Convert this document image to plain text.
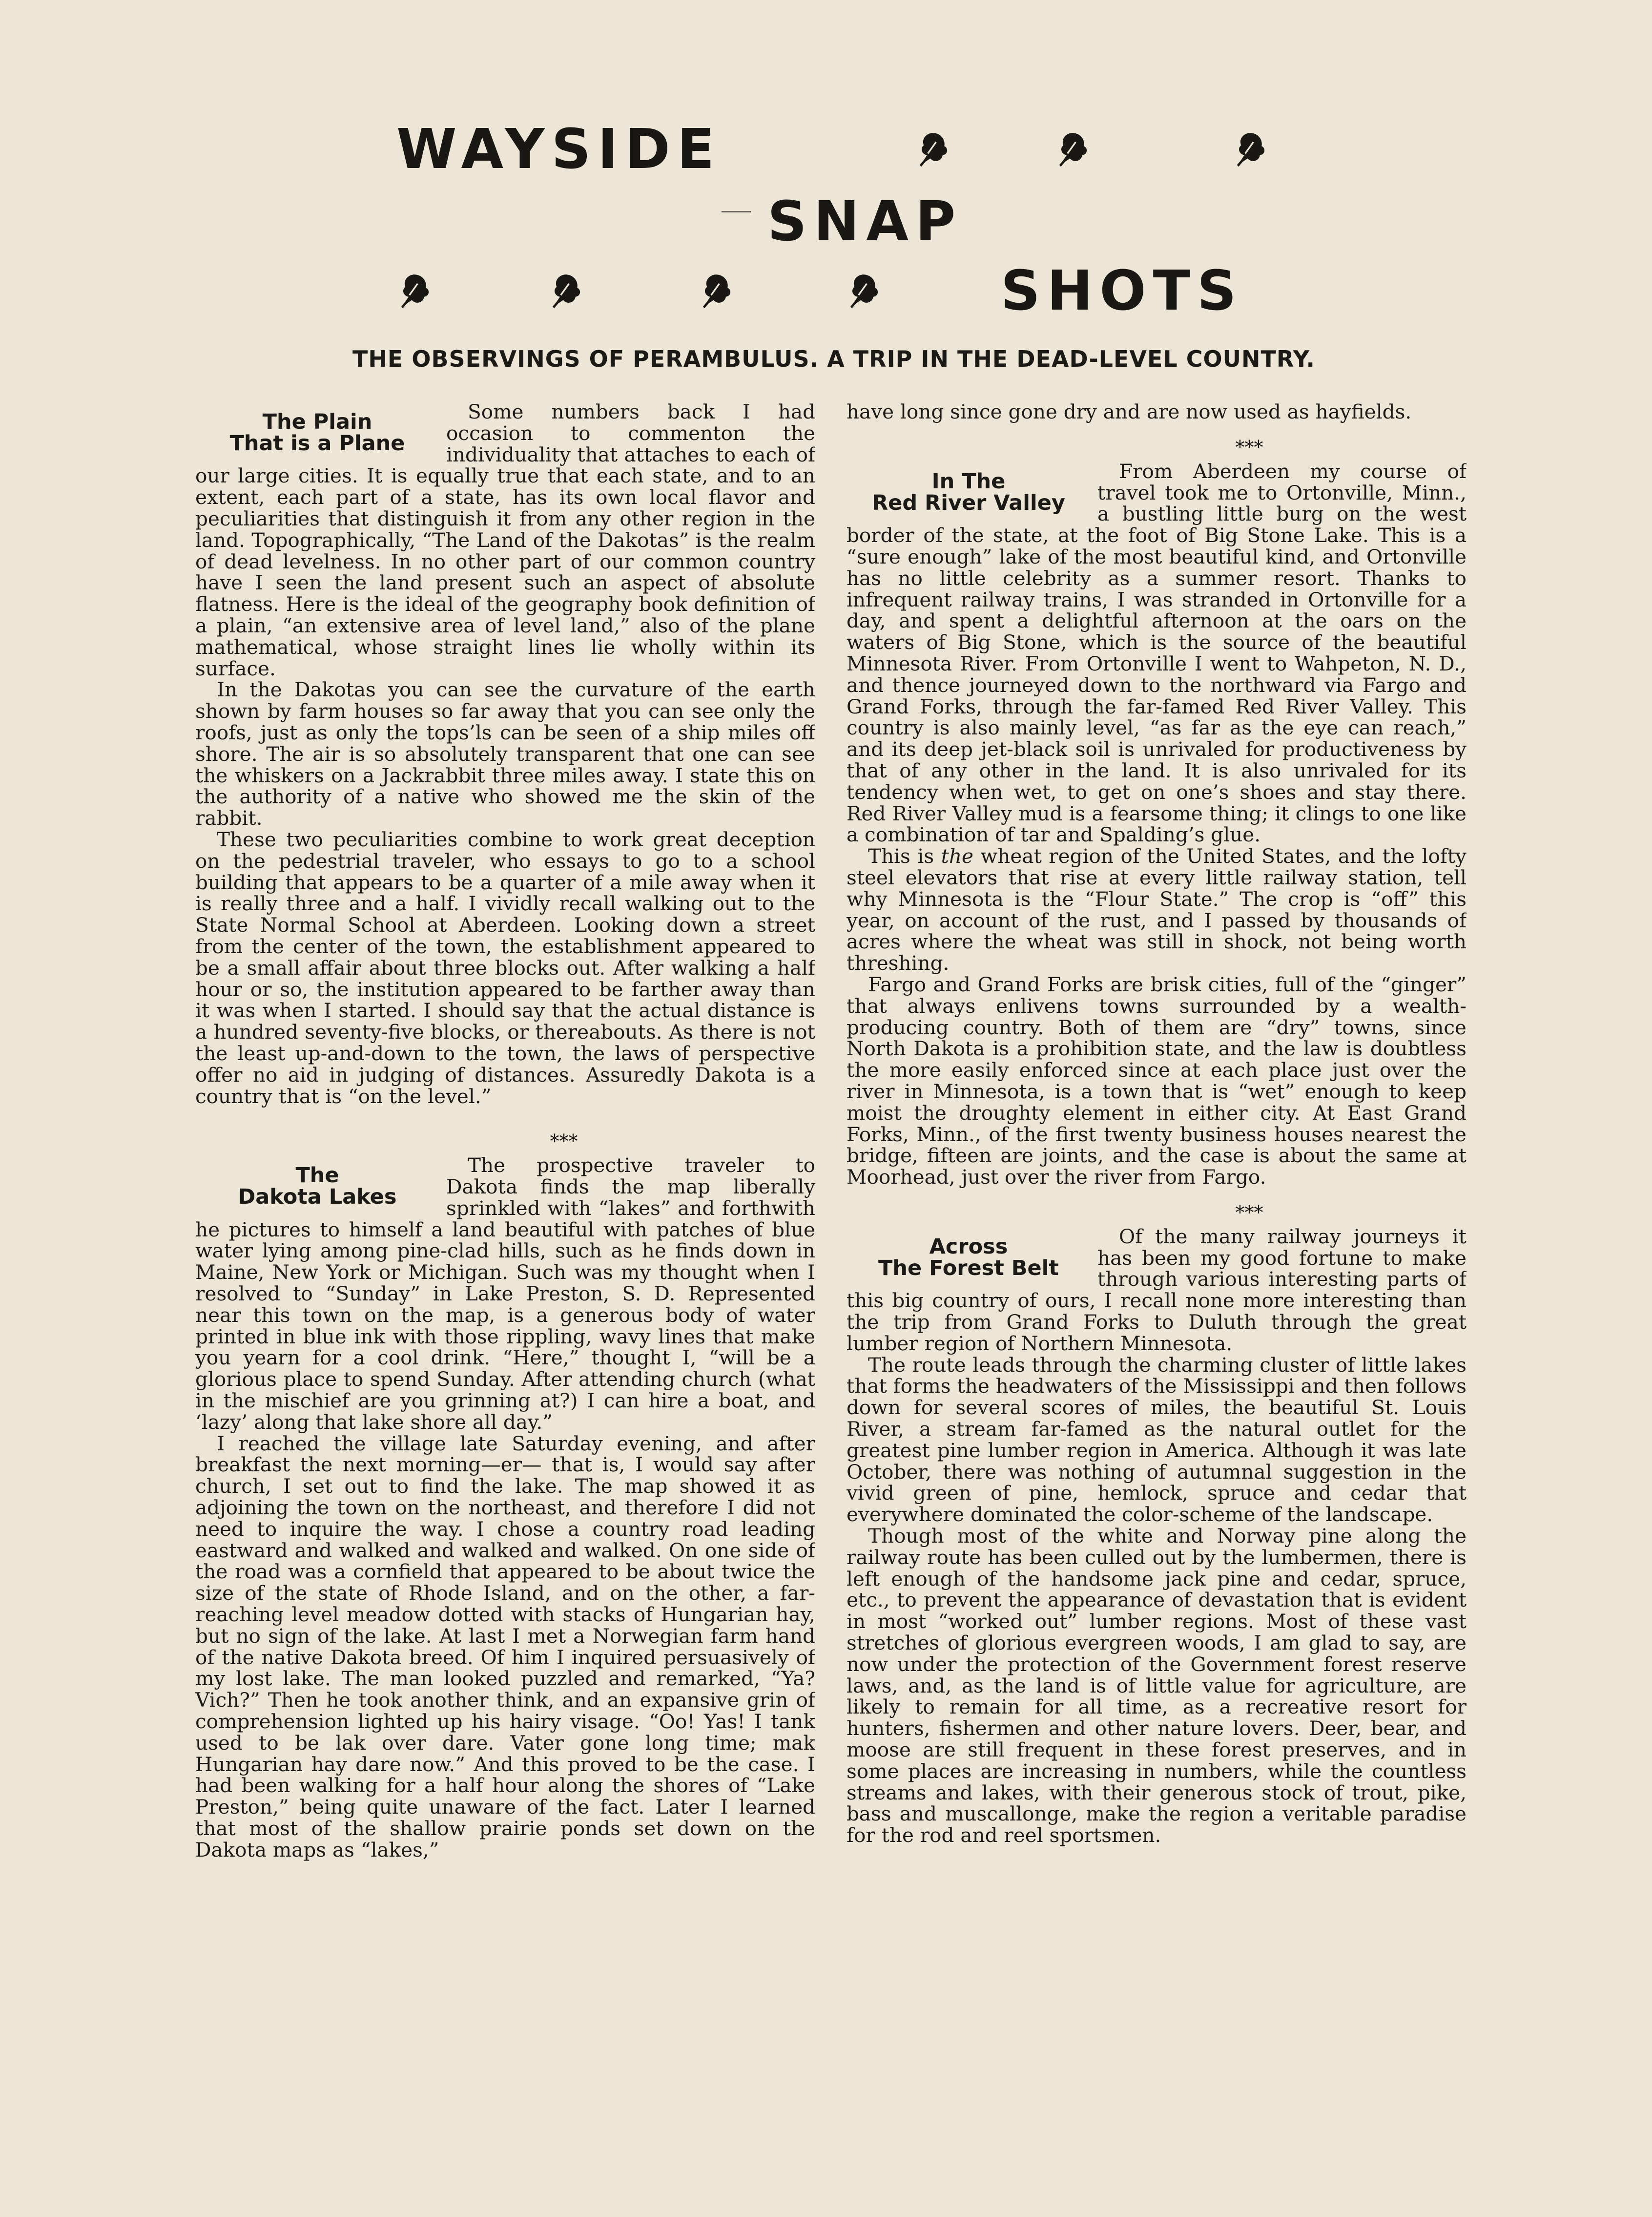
WAYSIDE
SNAP
SHOTS
THE OBSERVINGS OF PERAMBULUS. A TRIP IN THE DEAD-LEVEL COUNTRY.
The Plain
That is a Plane

Some numbers back I had occasion to commenton the individuality that attaches to each of our large cities. It is equally true that each state, and to an extent, each part of a state, has its own local flavor and peculiarities that distinguish it from any other region in the land. Topographically, “The Land of the Dakotas” is the realm of dead levelness. In no other part of our common country have I seen the land present such an aspect of absolute flatness. Here is the ideal of the geography book definition of a plain, “an extensive area of level land,” also of the plane mathematical, whose straight lines lie wholly within its surface.

In the Dakotas you can see the curvature of the earth shown by farm houses so far away that you can see only the roofs, just as only the tops’ls can be seen of a ship miles off shore. The air is so absolutely transparent that one can see the whiskers on a Jackrabbit three miles away. I state this on the authority of a native who showed me the skin of the rabbit.

These two peculiarities combine to work great deception on the pedestrial traveler, who essays to go to a school building that appears to be a quarter of a mile away when it is really three and a half. I vividly recall walking out to the State Normal School at Aberdeen. Looking down a street from the center of the town, the establishment appeared to be a small affair about three blocks out. After walking a half hour or so, the institution appeared to be farther away than it was when I started. I should say that the actual distance is a hundred seventy-five blocks, or thereabouts. As there is not the least up-and-down to the town, the laws of perspective offer no aid in judging of distances. Assuredly Dakota is a country that is “on the level.”

***
The
Dakota Lakes

The prospective traveler to Dakota finds the map liberally sprinkled with “lakes” and forthwith he pictures to himself a land beautiful with patches of blue water lying among pine-clad hills, such as he finds down in Maine, New York or Michigan. Such was my thought when I resolved to “Sunday” in Lake Preston, S. D. Represented near this town on the map, is a generous body of water printed in blue ink with those rippling, wavy lines that make you yearn for a cool drink. “Here,” thought I, “will be a glorious place to spend Sunday. After attending church (what in the mischief are you grinning at?) I can hire a boat, and ‘lazy’ along that lake shore all day.”

I reached the village late Saturday evening, and after breakfast the next morning—er— that is, I would say after church, I set out to find the lake. The map showed it as adjoining the town on the northeast, and therefore I did not need to inquire the way. I chose a country road leading eastward and walked and walked and walked. On one side of the road was a cornfield that appeared to be about twice the size of the state of Rhode Island, and on the other, a far-reaching level meadow dotted with stacks of Hungarian hay, but no sign of the lake. At last I met a Norwegian farm hand of the native Dakota breed. Of him I inquired persuasively of my lost lake. The man looked puzzled and remarked, “Ya? Vich?” Then he took another think, and an expansive grin of comprehension lighted up his hairy visage. “Oo! Yas! I tank used to be lak over dare. Vater gone long time; mak Hungarian hay dare now.” And this proved to be the case. I had been walking for a half hour along the shores of “Lake Preston,” being quite unaware of the fact. Later I learned that most of the shallow prairie ponds set down on the Dakota maps as “lakes,”

have long since gone dry and are now used as hayfields.

***
In The
Red River Valley

From Aberdeen my course of travel took me to Ortonville, Minn., a bustling little burg on the west border of the state, at the foot of Big Stone Lake. This is a “sure enough” lake of the most beautiful kind, and Ortonville has no little celebrity as a summer resort. Thanks to infrequent railway trains, I was stranded in Ortonville for a day, and spent a delightful afternoon at the oars on the waters of Big Stone, which is the source of the beautiful Minnesota River. From Ortonville I went to Wahpeton, N. D., and thence journeyed down to the northward via Fargo and Grand Forks, through the far-famed Red River Valley. This country is also mainly level, “as far as the eye can reach,” and its deep jet-black soil is unrivaled for productiveness by that of any other in the land. It is also unrivaled for its tendency when wet, to get on one’s shoes and stay there. Red River Valley mud is a fearsome thing; it clings to one like a combination of tar and Spalding’s glue.

This is the wheat region of the United States, and the lofty steel elevators that rise at every little railway station, tell why Minnesota is the “Flour State.” The crop is “off” this year, on account of the rust, and I passed by thousands of acres where the wheat was still in shock, not being worth threshing.

Fargo and Grand Forks are brisk cities, full of the “ginger” that always enlivens towns surrounded by a wealth-producing country. Both of them are “dry” towns, since North Dakota is a prohibition state, and the law is doubtless the more easily enforced since at each place just over the river in Minnesota, is a town that is “wet” enough to keep moist the droughty element in either city. At East Grand Forks, Minn., of the first twenty business houses nearest the bridge, fifteen are joints, and the case is about the same at Moorhead, just over the river from Fargo.

***
Across
The Forest Belt

Of the many railway journeys it has been my good fortune to make through various interesting parts of this big country of ours, I recall none more interesting than the trip from Grand Forks to Duluth through the great lumber region of Northern Minnesota.

The route leads through the charming cluster of little lakes that forms the headwaters of the Mississippi and then follows down for several scores of miles, the beautiful St. Louis River, a stream far-famed as the natural outlet for the greatest pine lumber region in America. Although it was late October, there was nothing of autumnal suggestion in the vivid green of pine, hemlock, spruce and cedar that everywhere dominated the color-scheme of the landscape.

Though most of the white and Norway pine along the railway route has been culled out by the lumbermen, there is left enough of the handsome jack pine and cedar, spruce, etc., to prevent the appearance of devastation that is evident in most “worked out” lumber regions. Most of these vast stretches of glorious evergreen woods, I am glad to say, are now under the protection of the Government forest reserve laws, and, as the land is of little value for agriculture, are likely to remain for all time, as a recreative resort for hunters, fishermen and other nature lovers. Deer, bear, and moose are still frequent in these forest preserves, and in some places are increasing in numbers, while the countless streams and lakes, with their generous stock of trout, pike, bass and muscallonge, make the region a veritable paradise for the rod and reel sportsmen.
